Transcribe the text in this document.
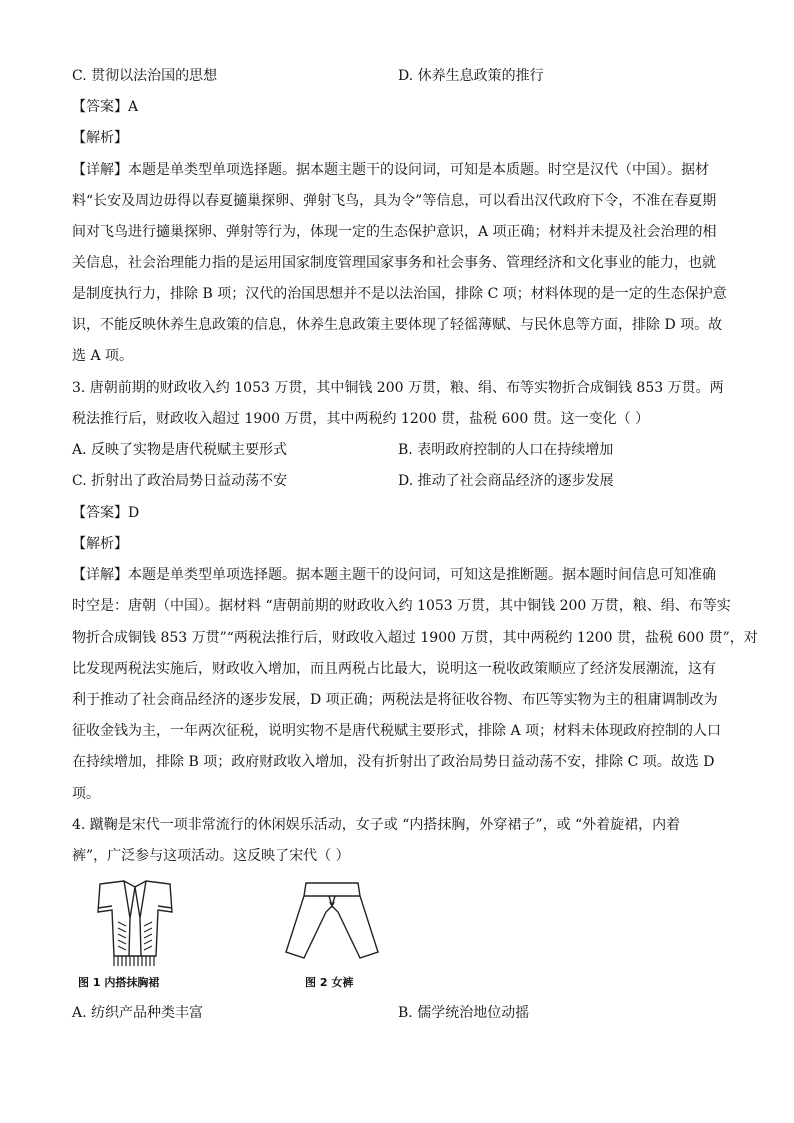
C. 贯彻以法治国的思想	D. 休养生息政策的推行
【答案】A
【解析】
【详解】本题是单类型单项选择题。据本题主题干的设问词，可知是本质题。时空是汉代（中国）。据材
料“长安及周边毋得以春夏擿巢探卵、弹射飞鸟，具为令”等信息，可以看出汉代政府下令，不准在春夏期
间对飞鸟进行擿巢探卵、弹射等行为，体现一定的生态保护意识，A 项正确；材料并未提及社会治理的相
关信息，社会治理能力指的是运用国家制度管理国家事务和社会事务、管理经济和文化事业的能力，也就
是制度执行力，排除 B 项；汉代的治国思想并不是以法治国，排除 C 项；材料体现的是一定的生态保护意
识，不能反映休养生息政策的信息，休养生息政策主要体现了轻徭薄赋、与民休息等方面，排除 D 项。故
选 A 项。
3. 唐朝前期的财政收入约 1053 万贯，其中铜钱 200 万贯，粮、绢、布等实物折合成铜钱 853 万贯。两
税法推行后，财政收入超过 1900 万贯，其中两税约 1200 贯，盐税 600 贯。这一变化（ ）
A. 反映了实物是唐代税赋主要形式	B. 表明政府控制的人口在持续增加
C. 折射出了政治局势日益动荡不安	D. 推动了社会商品经济的逐步发展
【答案】D
【解析】
【详解】本题是单类型单项选择题。据本题主题干的设问词，可知这是推断题。据本题时间信息可知准确
时空是：唐朝（中国）。据材料 “唐朝前期的财政收入约 1053 万贯，其中铜钱 200 万贯，粮、绢、布等实
物折合成铜钱 853 万贯”“两税法推行后，财政收入超过 1900 万贯，其中两税约 1200 贯，盐税 600 贯”，对
比发现两税法实施后，财政收入增加，而且两税占比最大，说明这一税收政策顺应了经济发展潮流，这有
利于推动了社会商品经济的逐步发展，D 项正确；两税法是将征收谷物、布匹等实物为主的租庸调制改为
征收金钱为主，一年两次征税，说明实物不是唐代税赋主要形式，排除 A 项；材料未体现政府控制的人口
在持续增加，排除 B 项；政府财政收入增加，没有折射出了政治局势日益动荡不安，排除 C 项。故选 D
项。
4. 蹴鞠是宋代一项非常流行的休闲娱乐活动，女子或 “内搭抹胸，外穿裙子”，或 “外着旋裙，内着
裤”，广泛参与这项活动。这反映了宋代（ ）
图 1 内搭抹胸裙	图 2 女裤
A. 纺织产品种类丰富	B. 儒学统治地位动摇
